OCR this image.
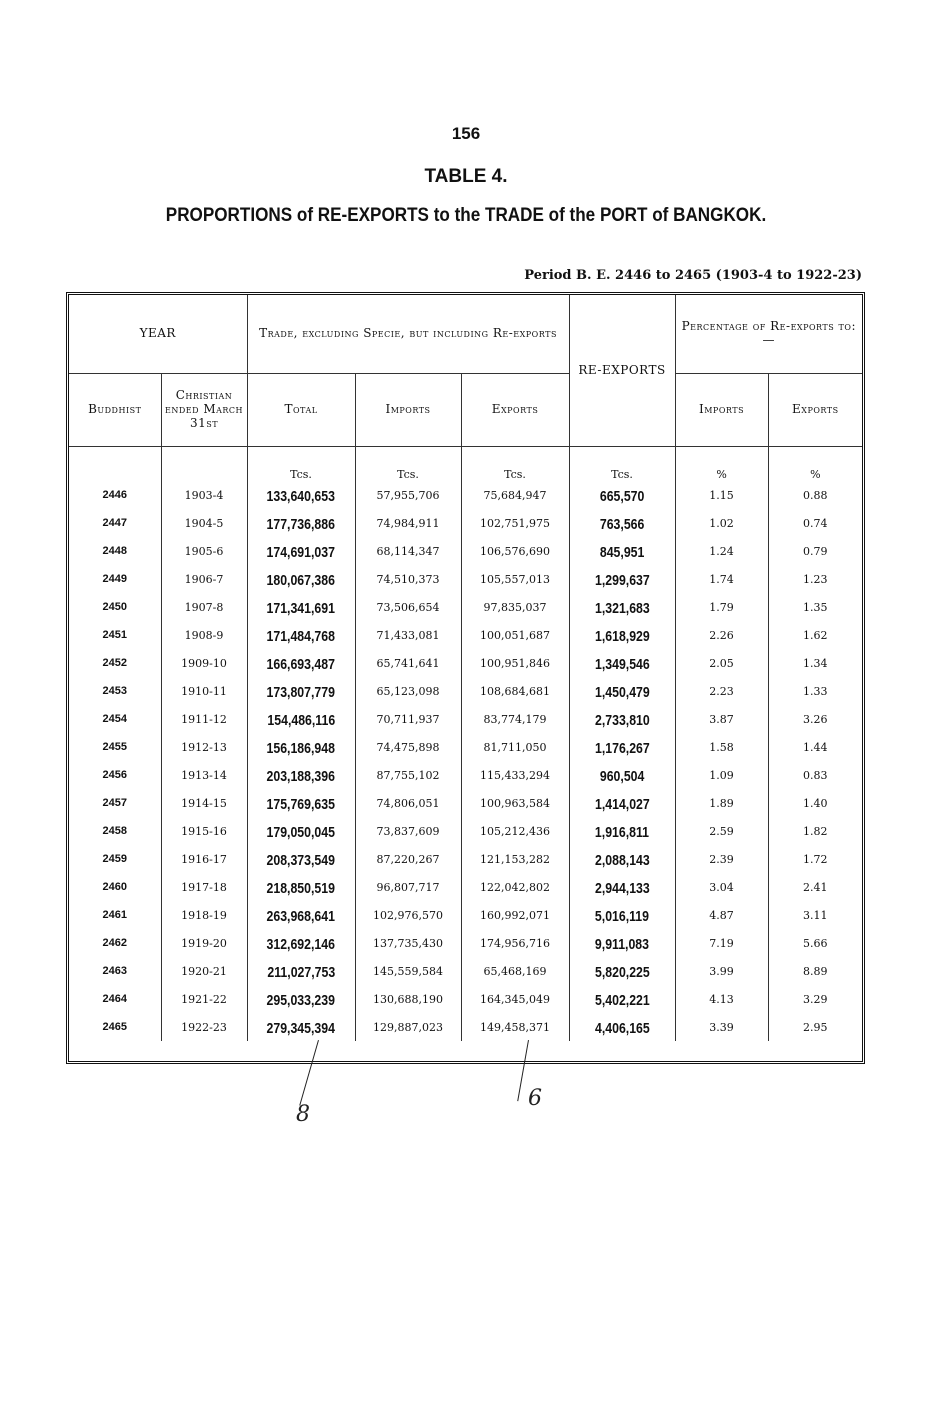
156
TABLE 4.
PROPORTIONS of RE-EXPORTS to the TRADE of the PORT of BANGKOK.
Period B. E. 2446 to 2465 (1903-4 to 1922-23)
YEAR		Trade, excluding Specie, but including Re-exports			RE-EXPORTS	Percentage of Re-exports to:—	
Buddhist	Christian ended March 31st	Total	Imports	Exports		Imports	Exports
		Tcs.	Tcs.	Tcs.	Tcs.	%	%
2446	1903-4	133,640,653	57,955,706	75,684,947	665,570	1.15	0.88
2447	1904-5	177,736,886	74,984,911	102,751,975	763,566	1.02	0.74
2448	1905-6	174,691,037	68,114,347	106,576,690	845,951	1.24	0.79
2449	1906-7	180,067,386	74,510,373	105,557,013	1,299,637	1.74	1.23
2450	1907-8	171,341,691	73,506,654	97,835,037	1,321,683	1.79	1.35
2451	1908-9	171,484,768	71,433,081	100,051,687	1,618,929	2.26	1.62
2452	1909-10	166,693,487	65,741,641	100,951,846	1,349,546	2.05	1.34
2453	1910-11	173,807,779	65,123,098	108,684,681	1,450,479	2.23	1.33
2454	1911-12	154,486,116	70,711,937	83,774,179	2,733,810	3.87	3.26
2455	1912-13	156,186,948	74,475,898	81,711,050	1,176,267	1.58	1.44
2456	1913-14	203,188,396	87,755,102	115,433,294	960,504	1.09	0.83
2457	1914-15	175,769,635	74,806,051	100,963,584	1,414,027	1.89	1.40
2458	1915-16	179,050,045	73,837,609	105,212,436	1,916,811	2.59	1.82
2459	1916-17	208,373,549	87,220,267	121,153,282	2,088,143	2.39	1.72
2460	1917-18	218,850,519	96,807,717	122,042,802	2,944,133	3.04	2.41
2461	1918-19	263,968,641	102,976,570	160,992,071	5,016,119	4.87	3.11
2462	1919-20	312,692,146	137,735,430	174,956,716	9,911,083	7.19	5.66
2463	1920-21	211,027,753	145,559,584	65,468,169	5,820,225	3.99	8.89
2464	1921-22	295,033,239	130,688,190	164,345,049	5,402,221	4.13	3.29
2465	1922-23	279,345,394	129,887,023	149,458,371	4,406,165	3.39	2.95
8
6
